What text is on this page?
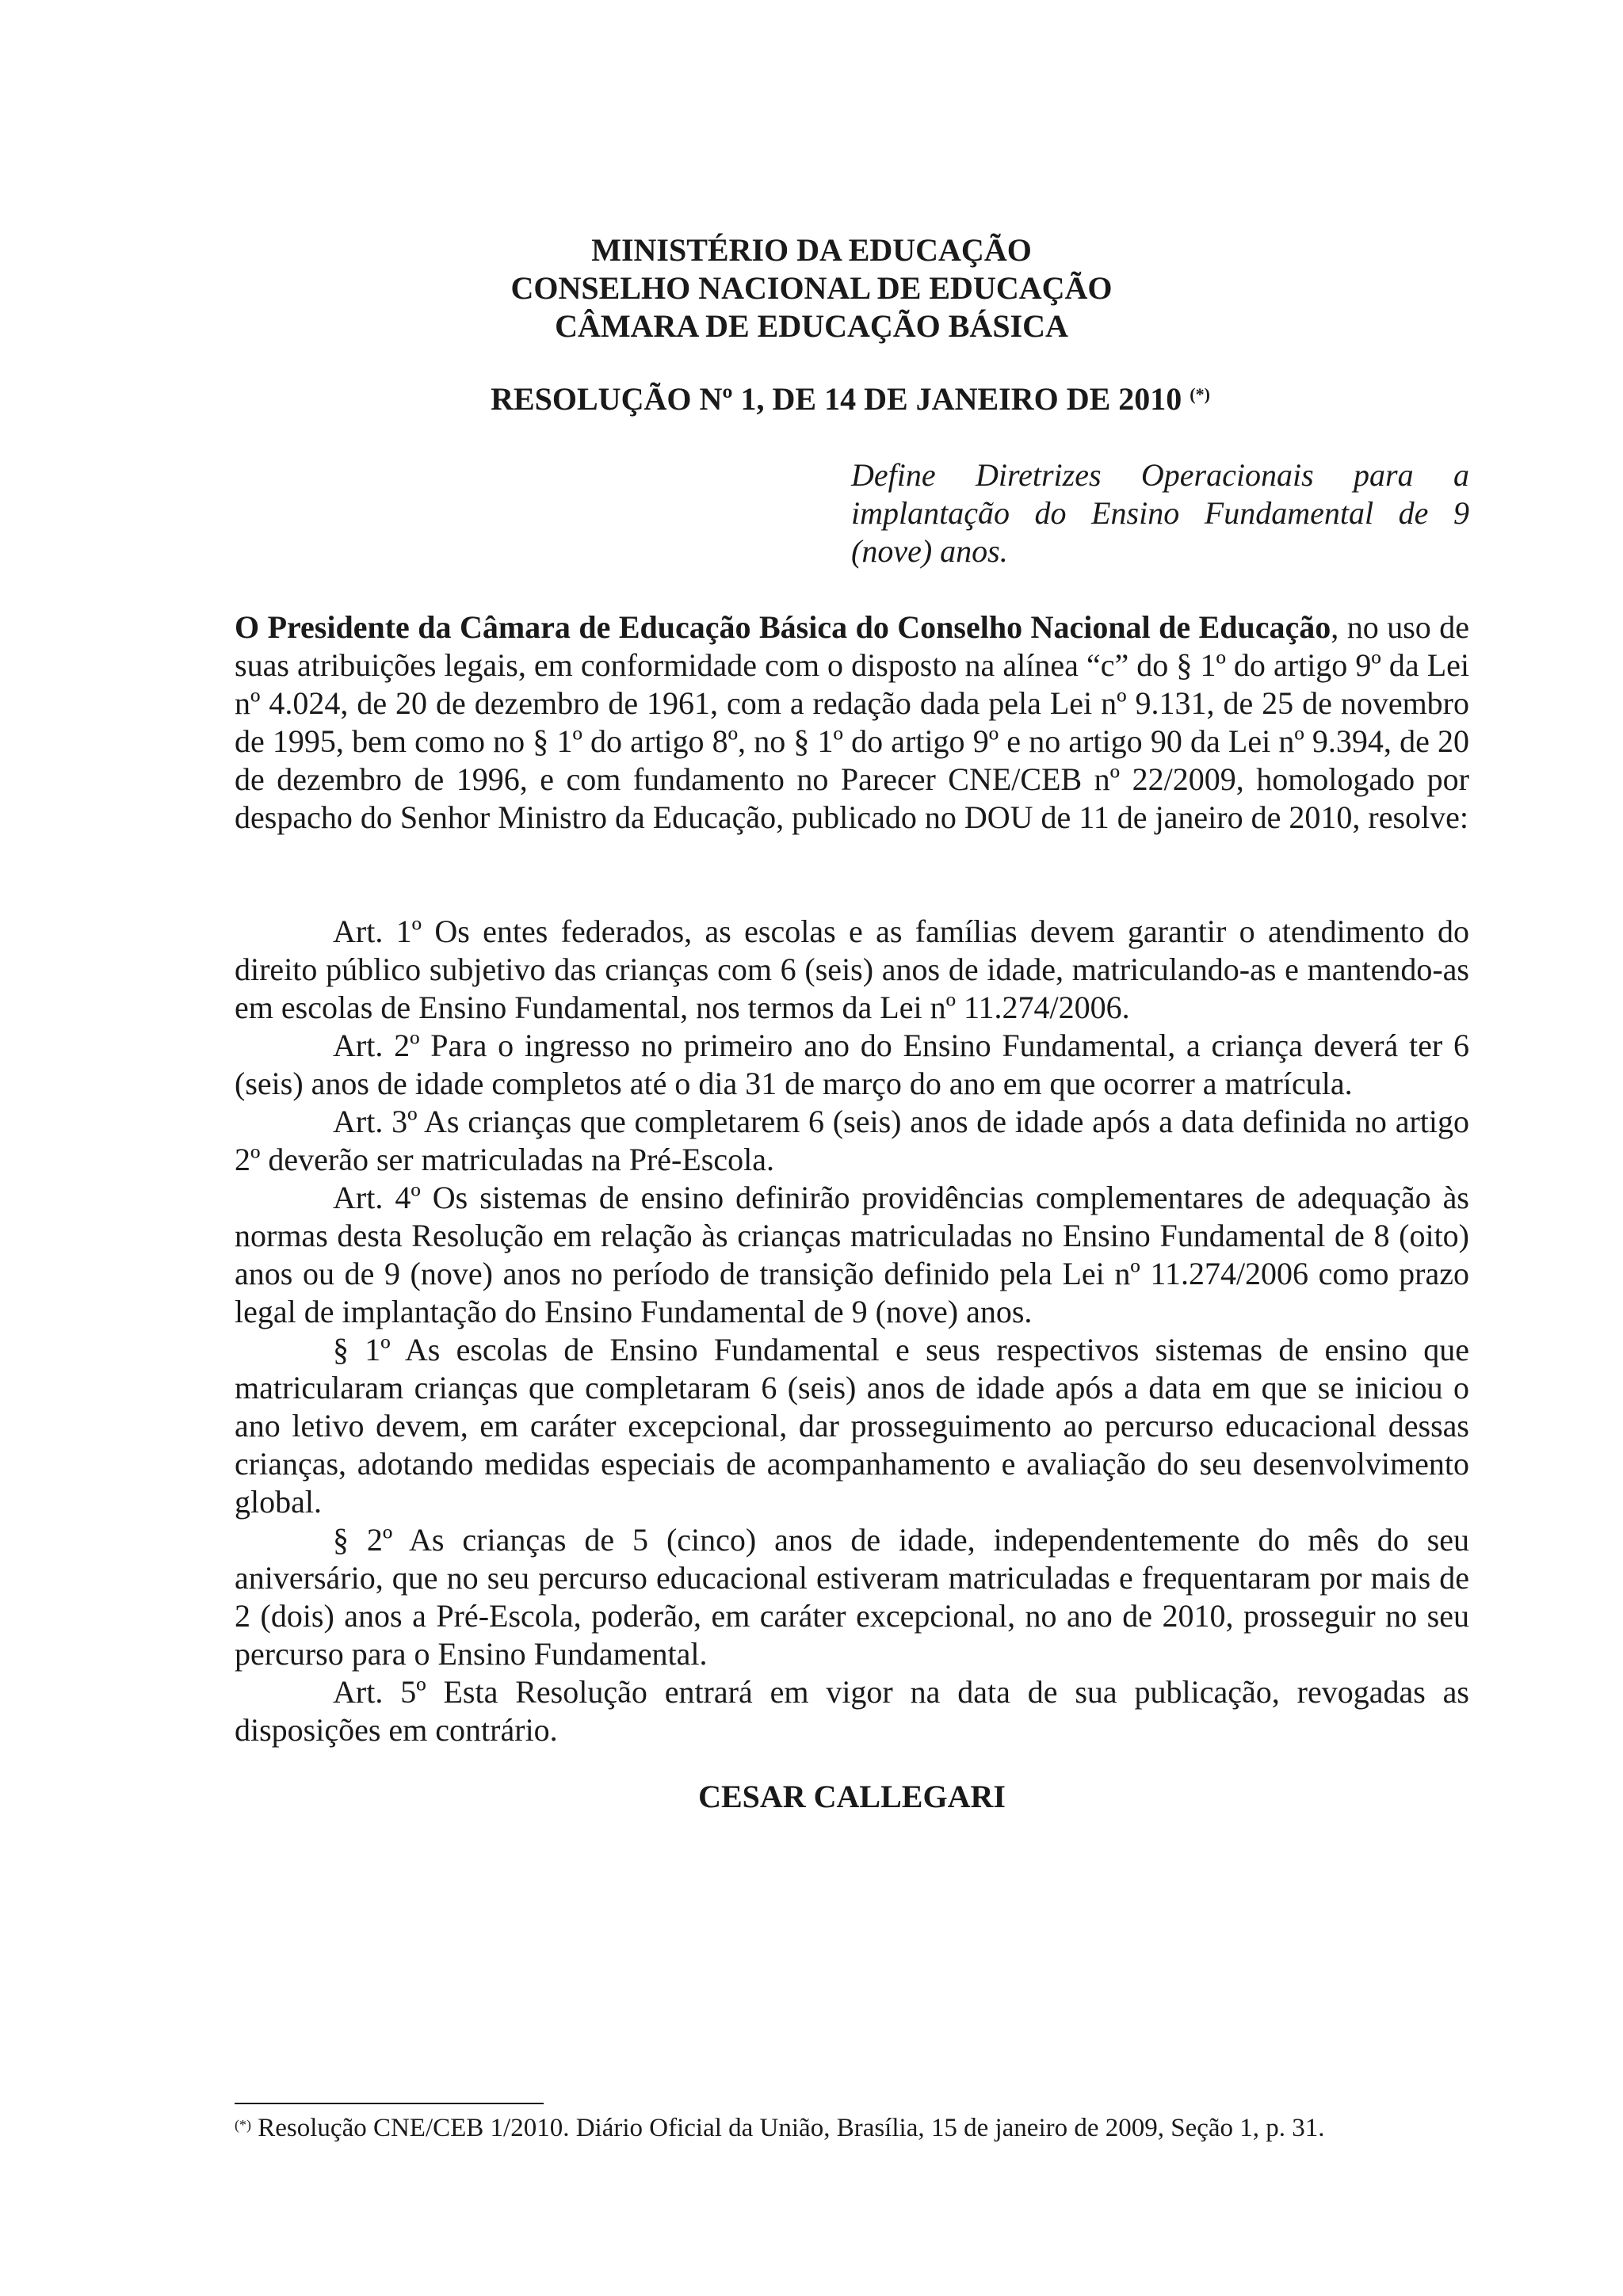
MINISTÉRIO DA EDUCAÇÃO
CONSELHO NACIONAL DE EDUCAÇÃO
CÂMARA DE EDUCAÇÃO BÁSICA
RESOLUÇÃO Nº 1, DE 14 DE JANEIRO DE 2010 (*)
Define Diretrizes Operacionais para a implantação do Ensino Fundamental de 9 (nove) anos.
O Presidente da Câmara de Educação Básica do Conselho Nacional de Educação, no uso de suas atribuições legais, em conformidade com o disposto na alínea “c” do § 1º do artigo 9º da Lei nº 4.024, de 20 de dezembro de 1961, com a redação dada pela Lei nº 9.131, de 25 de novembro de 1995, bem como no § 1º do artigo 8º, no § 1º do artigo 9º e no artigo 90 da Lei nº 9.394, de 20 de dezembro de 1996, e com fundamento no Parecer CNE/CEB nº 22/2009, homologado por despacho do Senhor Ministro da Educação, publicado no DOU de 11 de janeiro de 2010, resolve:

Art. 1º Os entes federados, as escolas e as famílias devem garantir o atendimento do direito público subjetivo das crianças com 6 (seis) anos de idade, matriculando-as e mantendo-as em escolas de Ensino Fundamental, nos termos da Lei nº 11.274/2006.

Art. 2º Para o ingresso no primeiro ano do Ensino Fundamental, a criança deverá ter 6 (seis) anos de idade completos até o dia 31 de março do ano em que ocorrer a matrícula.

Art. 3º As crianças que completarem 6 (seis) anos de idade após a data definida no artigo 2º deverão ser matriculadas na Pré-Escola.

Art. 4º Os sistemas de ensino definirão providências complementares de adequação às normas desta Resolução em relação às crianças matriculadas no Ensino Fundamental de 8 (oito) anos ou de 9 (nove) anos no período de transição definido pela Lei nº 11.274/2006 como prazo legal de implantação do Ensino Fundamental de 9 (nove) anos.

§ 1º As escolas de Ensino Fundamental e seus respectivos sistemas de ensino que matricularam crianças que completaram 6 (seis) anos de idade após a data em que se iniciou o ano letivo devem, em caráter excepcional, dar prosseguimento ao percurso educacional dessas crianças, adotando medidas especiais de acompanhamento e avaliação do seu desenvolvimento global.

§ 2º As crianças de 5 (cinco) anos de idade, independentemente do mês do seu aniversário, que no seu percurso educacional estiveram matriculadas e frequentaram por mais de 2 (dois) anos a Pré-Escola, poderão, em caráter excepcional, no ano de 2010, prosseguir no seu percurso para o Ensino Fundamental.

Art. 5º Esta Resolução entrará em vigor na data de sua publicação, revogadas as disposições em contrário.

CESAR CALLEGARI
(*) Resolução CNE/CEB 1/2010. Diário Oficial da União, Brasília, 15 de janeiro de 2009, Seção 1, p. 31.
